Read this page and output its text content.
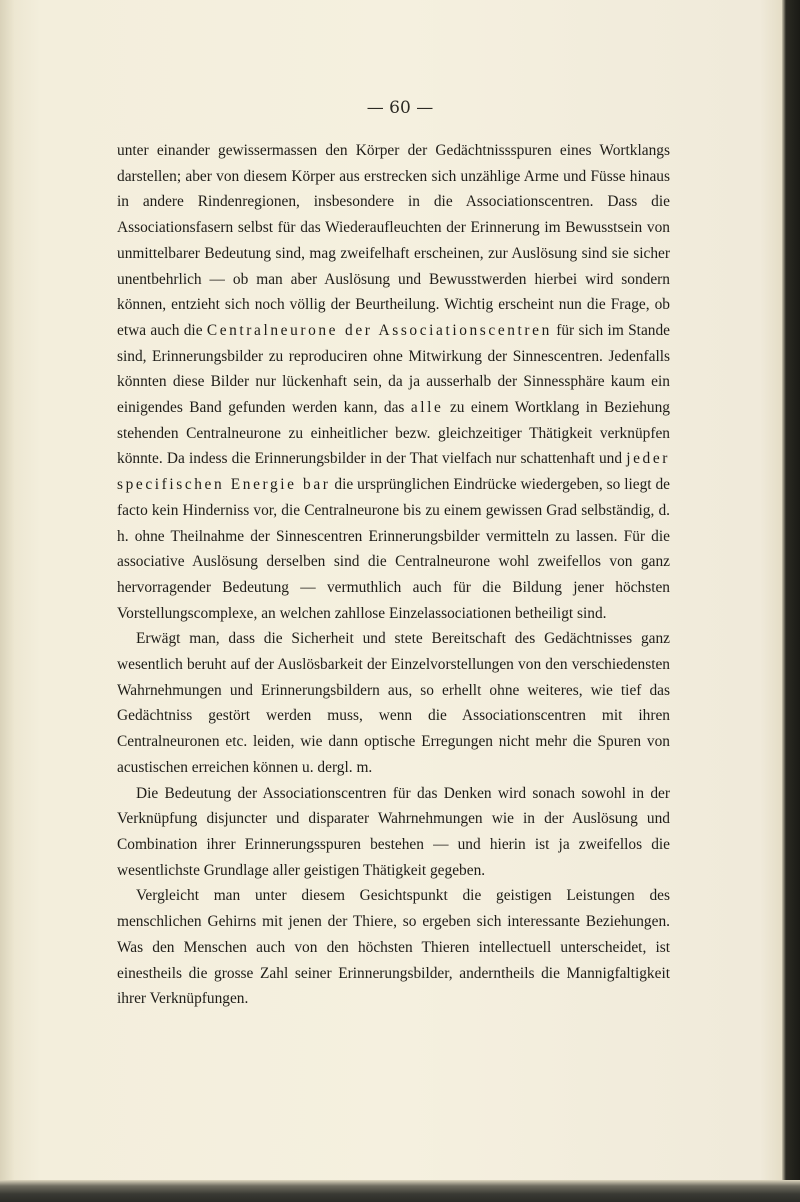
— 60 —

unter einander gewissermassen den Körper der Gedächtnissspuren eines Wortklangs darstellen; aber von diesem Körper aus erstrecken sich unzählige Arme und Füsse hinaus in andere Rindenregionen, insbesondere in die Associationscentren. Dass die Associationsfasern selbst für das Wiederaufleuchten der Erinnerung im Bewusstsein von unmittelbarer Bedeutung sind, mag zweifelhaft erscheinen, zur Auslösung sind sie sicher unentbehrlich — ob man aber Auslösung und Bewusstwerden hierbei wird sondern können, entzieht sich noch völlig der Beurtheilung. Wichtig erscheint nun die Frage, ob etwa auch die Centralneurone der Associationscentren für sich im Stande sind, Erinnerungsbilder zu reproduciren ohne Mitwirkung der Sinnescentren. Jedenfalls könnten diese Bilder nur lückenhaft sein, da ja ausserhalb der Sinnessphäre kaum ein einigendes Band gefunden werden kann, das alle zu einem Wortklang in Beziehung stehenden Centralneurone zu einheitlicher bezw. gleichzeitiger Thätigkeit verknüpfen könnte. Da indess die Erinnerungsbilder in der That vielfach nur schattenhaft und jeder specifischen Energie bar die ursprünglichen Eindrücke wiedergeben, so liegt de facto kein Hinderniss vor, die Centralneurone bis zu einem gewissen Grad selbständig, d. h. ohne Theilnahme der Sinnescentren Erinnerungsbilder vermitteln zu lassen. Für die associative Auslösung derselben sind die Centralneurone wohl zweifellos von ganz hervorragender Bedeutung — vermuthlich auch für die Bildung jener höchsten Vorstellungscomplexe, an welchen zahllose Einzelassociationen betheiligt sind.

Erwägt man, dass die Sicherheit und stete Bereitschaft des Gedächtnisses ganz wesentlich beruht auf der Auslösbarkeit der Einzelvorstellungen von den verschiedensten Wahrnehmungen und Erinnerungsbildern aus, so erhellt ohne weiteres, wie tief das Gedächtniss gestört werden muss, wenn die Associationscentren mit ihren Centralneuronen etc. leiden, wie dann optische Erregungen nicht mehr die Spuren von acustischen erreichen können u. dergl. m.

Die Bedeutung der Associationscentren für das Denken wird sonach sowohl in der Verknüpfung disjuncter und disparater Wahrnehmungen wie in der Auslösung und Combination ihrer Erinnerungsspuren bestehen — und hierin ist ja zweifellos die wesentlichste Grundlage aller geistigen Thätigkeit gegeben.

Vergleicht man unter diesem Gesichtspunkt die geistigen Leistungen des menschlichen Gehirns mit jenen der Thiere, so ergeben sich interessante Beziehungen. Was den Menschen auch von den höchsten Thieren intellectuell unterscheidet, ist einestheils die grosse Zahl seiner Erinnerungsbilder, anderntheils die Mannigfaltigkeit ihrer Verknüpfungen.
